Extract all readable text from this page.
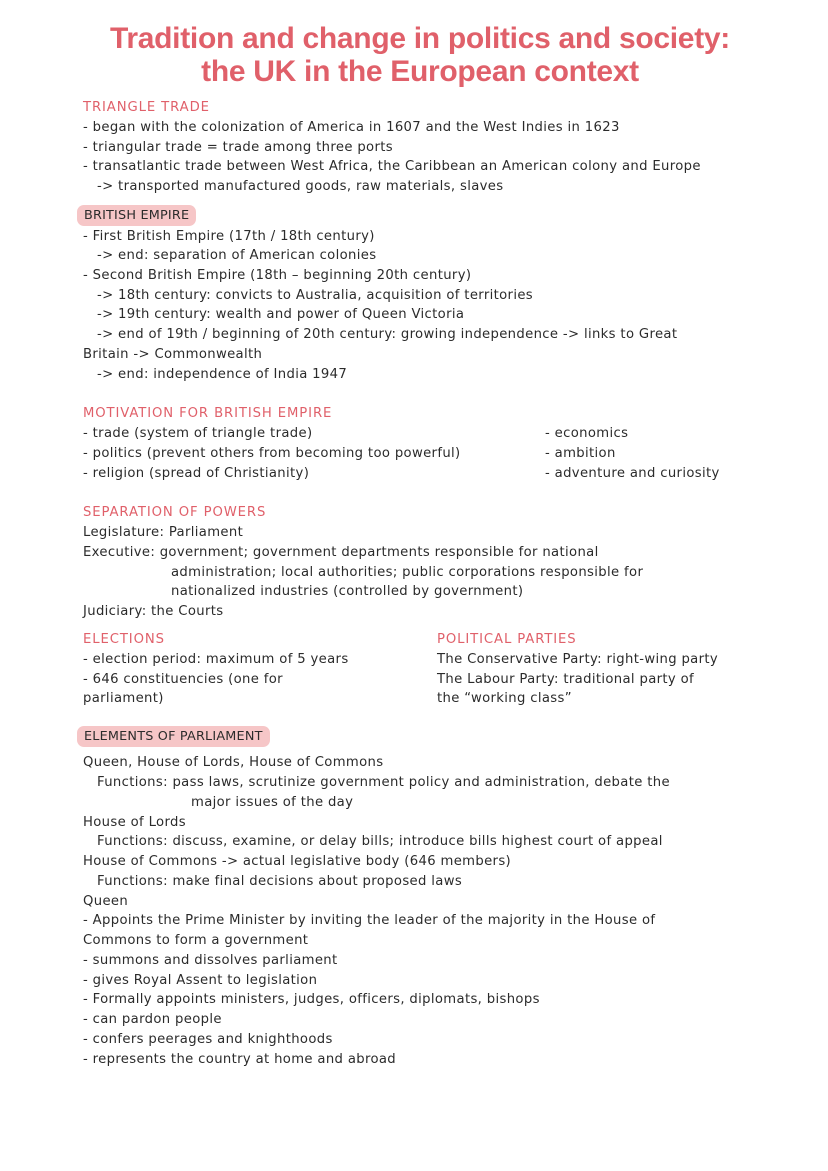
Tradition and change in politics and society:
the UK in the European context
TRIANGLE TRADE
- began with the colonization of America in 1607 and the West Indies in 1623
- triangular trade = trade among three ports
- transatlantic trade between West Africa, the Caribbean an American colony and Europe
-> transported manufactured goods, raw materials, slaves
BRITISH EMPIRE
- First British Empire (17th / 18th century)
-> end: separation of American colonies
- Second British Empire (18th – beginning 20th century)
-> 18th century: convicts to Australia, acquisition of territories
-> 19th century: wealth and power of Queen Victoria
-> end of 19th / beginning of 20th century: growing independence -> links to Great
Britain -> Commonwealth
-> end: independence of India 1947
MOTIVATION FOR BRITISH EMPIRE
- trade (system of triangle trade)
- politics (prevent others from becoming too powerful)
- religion (spread of Christianity)
- economics
- ambition
- adventure and curiosity
SEPARATION OF POWERS
Legislature: Parliament
Executive: government; government departments responsible for national
administration; local authorities; public corporations responsible for
nationalized industries (controlled by government)
Judiciary: the Courts
ELECTIONS
- election period: maximum of 5 years
- 646 constituencies (one for
parliament)
POLITICAL PARTIES
The Conservative Party: right-wing party
The Labour Party: traditional party of
the “working class”
ELEMENTS OF PARLIAMENT
Queen, House of Lords, House of Commons
Functions: pass laws, scrutinize government policy and administration, debate the
major issues of the day
House of Lords
Functions: discuss, examine, or delay bills; introduce bills highest court of appeal
House of Commons -> actual legislative body (646 members)
Functions: make final decisions about proposed laws
Queen
- Appoints the Prime Minister by inviting the leader of the majority in the House of
Commons to form a government
- summons and dissolves parliament
- gives Royal Assent to legislation
- Formally appoints ministers, judges, officers, diplomats, bishops
- can pardon people
- confers peerages and knighthoods
- represents the country at home and abroad
